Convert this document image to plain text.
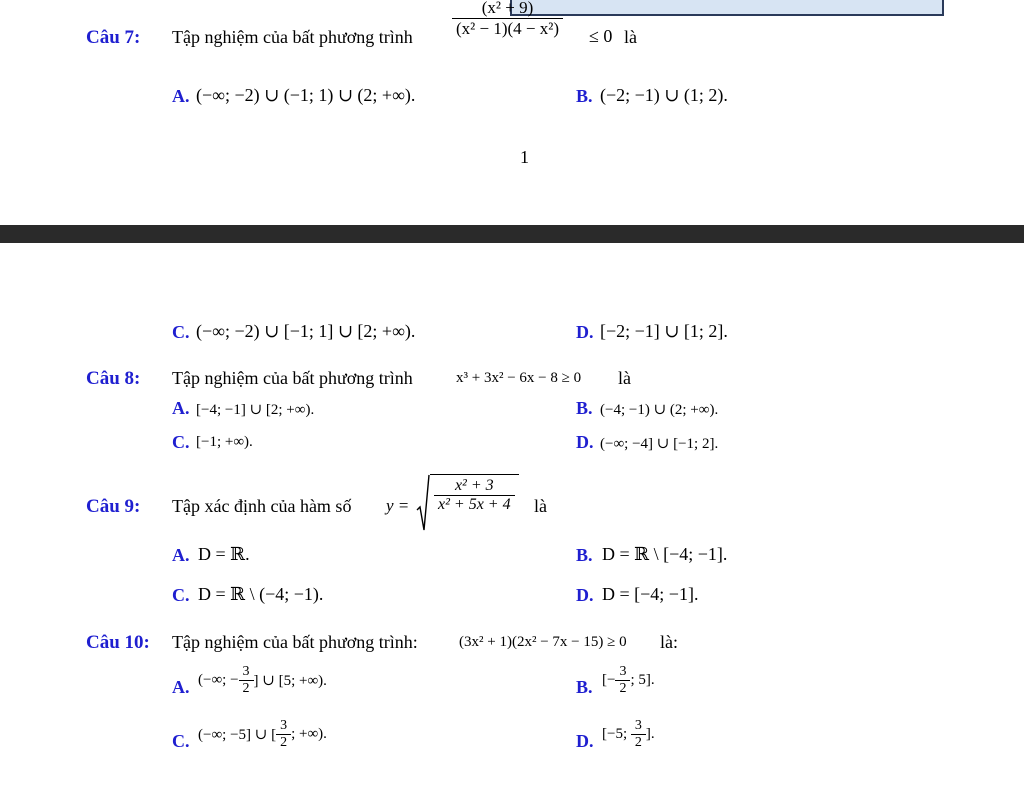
Câu 7: Tập nghiệm của bất phương trình $\frac{\text{(x² + 9)}}{\text{(x² − 1)(4 − x²)}} \le 0$ là
A. (−∞; −2) ∪ (−1; 1) ∪ (2; +∞).	B. (−2; −1) ∪ (1; 2).
1
C. (−∞; −2) ∪ [−1; 1] ∪ [2; +∞).	D. [−2; −1] ∪ [1; 2].
Câu 8: Tập nghiệm của bất phương trình	x³ + 3x² − 6x − 8 ≥ 0 là
A. [−4; −1] ∪ [2; +∞).	B. (−4; −1) ∪ (2; +∞).
C. [−1; +∞).	D. (−∞; −4] ∪ [−1; 2].
Câu 9: Tập xác định của hàm số $y = \frac{\text{x² + 3}}{\text{x² + 5x + 4}}$ là
A. D = ℝ.	B. D = ℝ \ [−4; −1].
C. D = ℝ \ (−4; −1).	D. D = [−4; −1].
Câu 10: Tập nghiệm của bất phương trình:	(3x² + 1)(2x² − 7x − 15) ≥ 0 là:
A. (−∞; − $\frac{3}{2}$ ] ∪ [5; +∞).	B. [− $\frac{3}{2}$ ; 5].
C. (−∞; −5] ∪ [ $\frac{3}{2}$ ; +∞).	D. [−5; $\frac{3}{2}$ ].
